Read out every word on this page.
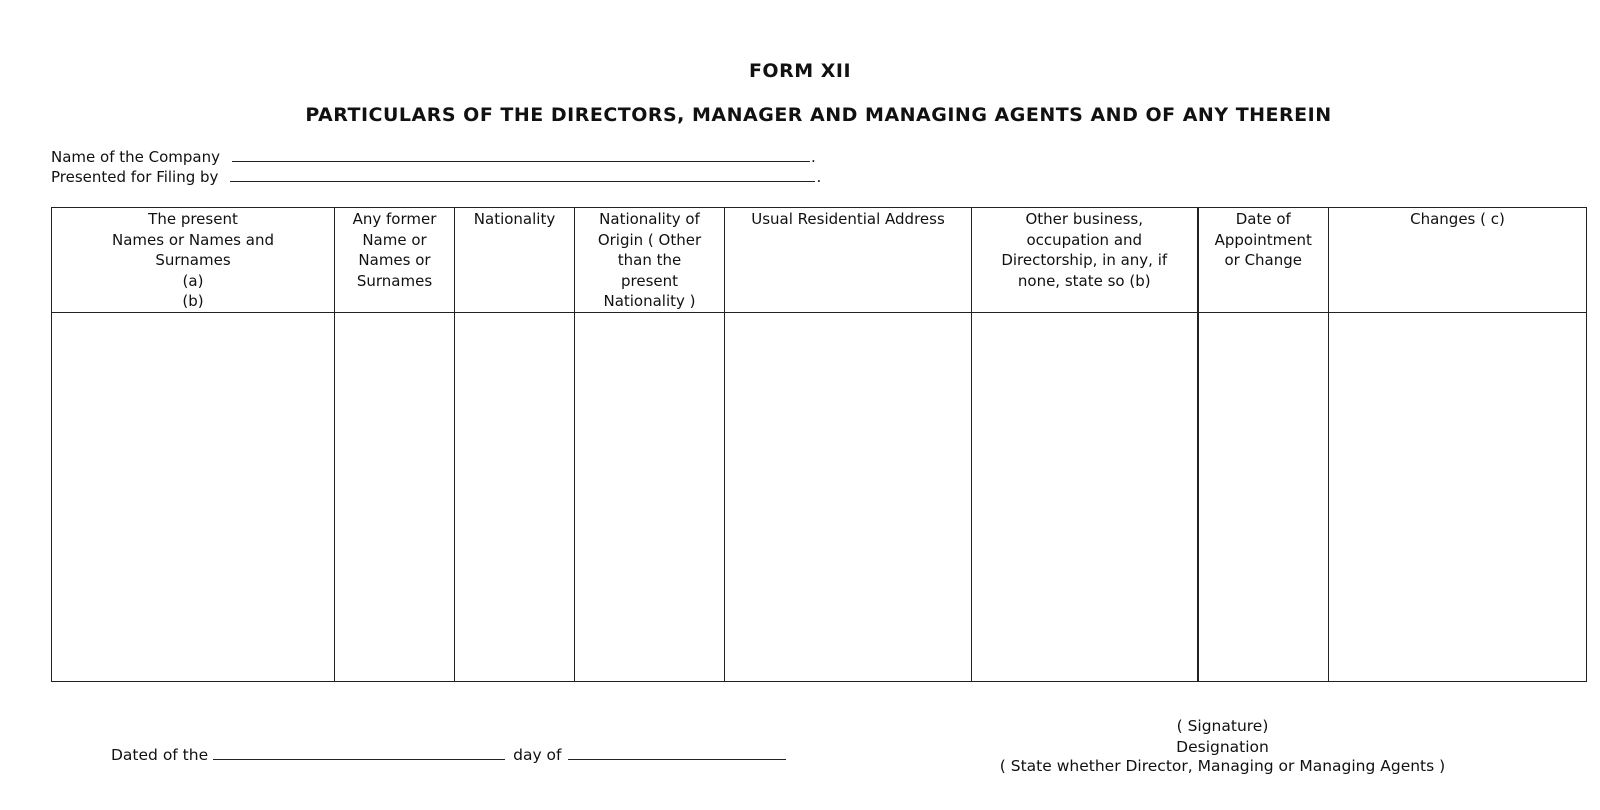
FORM XII
PARTICULARS OF THE DIRECTORS, MANAGER AND MANAGING AGENTS AND OF ANY THEREIN
Name of the Company	.
Presented for Filing by	.
The present
Names or Names and
Surnames
(a)
(b)	Any former
Name or
Names or
Surnames	Nationality	Nationality of
Origin ( Other
than the
present
Nationality )	Usual Residential Address	Other business,
occupation and
Directorship, in any, if
none, state so (b)	Date of
Appointment
or Change	Changes ( c)

Dated of the	day of
( Signature)
Designation
( State whether Director, Managing or Managing Agents )
